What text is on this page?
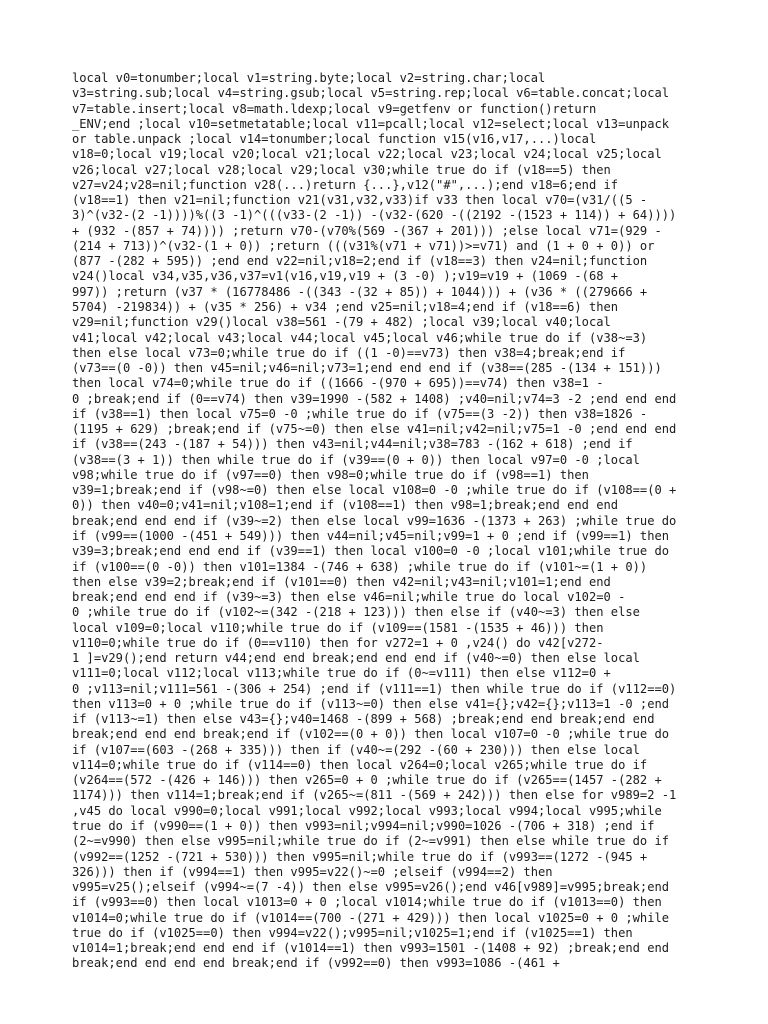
local v0=tonumber;local v1=string.byte;local v2=string.char;local
v3=string.sub;local v4=string.gsub;local v5=string.rep;local v6=table.concat;local
v7=table.insert;local v8=math.ldexp;local v9=getfenv or function()return
_ENV;end ;local v10=setmetatable;local v11=pcall;local v12=select;local v13=unpack
or table.unpack ;local v14=tonumber;local function v15(v16,v17,...)local
v18=0;local v19;local v20;local v21;local v22;local v23;local v24;local v25;local
v26;local v27;local v28;local v29;local v30;while true do if (v18==5) then
v27=v24;v28=nil;function v28(...)return {...},v12("#",...);end v18=6;end if
(v18==1) then v21=nil;function v21(v31,v32,v33)if v33 then local v70=(v31/((5 -
3)^(v32-(2 -1))))%((3 -1)^(((v33-(2 -1)) -(v32-(620 -((2192 -(1523 + 114)) + 64))))
+ (932 -(857 + 74)))) ;return v70-(v70%(569 -(367 + 201))) ;else local v71=(929 -
(214 + 713))^(v32-(1 + 0)) ;return (((v31%(v71 + v71))>=v71) and (1 + 0 + 0)) or
(877 -(282 + 595)) ;end end v22=nil;v18=2;end if (v18==3) then v24=nil;function
v24()local v34,v35,v36,v37=v1(v16,v19,v19 + (3 -0) );v19=v19 + (1069 -(68 +
997)) ;return (v37 * (16778486 -((343 -(32 + 85)) + 1044))) + (v36 * ((279666 +
5704) -219834)) + (v35 * 256) + v34 ;end v25=nil;v18=4;end if (v18==6) then
v29=nil;function v29()local v38=561 -(79 + 482) ;local v39;local v40;local
v41;local v42;local v43;local v44;local v45;local v46;while true do if (v38~=3)
then else local v73=0;while true do if ((1 -0)==v73) then v38=4;break;end if
(v73==(0 -0)) then v45=nil;v46=nil;v73=1;end end end if (v38==(285 -(134 + 151)))
then local v74=0;while true do if ((1666 -(970 + 695))==v74) then v38=1 -
0 ;break;end if (0==v74) then v39=1990 -(582 + 1408) ;v40=nil;v74=3 -2 ;end end end
if (v38==1) then local v75=0 -0 ;while true do if (v75==(3 -2)) then v38=1826 -
(1195 + 629) ;break;end if (v75~=0) then else v41=nil;v42=nil;v75=1 -0 ;end end end
if (v38==(243 -(187 + 54))) then v43=nil;v44=nil;v38=783 -(162 + 618) ;end if
(v38==(3 + 1)) then while true do if (v39==(0 + 0)) then local v97=0 -0 ;local
v98;while true do if (v97==0) then v98=0;while true do if (v98==1) then
v39=1;break;end if (v98~=0) then else local v108=0 -0 ;while true do if (v108==(0 +
0)) then v40=0;v41=nil;v108=1;end if (v108==1) then v98=1;break;end end end
break;end end end if (v39~=2) then else local v99=1636 -(1373 + 263) ;while true do
if (v99==(1000 -(451 + 549))) then v44=nil;v45=nil;v99=1 + 0 ;end if (v99==1) then
v39=3;break;end end end if (v39==1) then local v100=0 -0 ;local v101;while true do
if (v100==(0 -0)) then v101=1384 -(746 + 638) ;while true do if (v101~=(1 + 0))
then else v39=2;break;end if (v101==0) then v42=nil;v43=nil;v101=1;end end
break;end end end if (v39~=3) then else v46=nil;while true do local v102=0 -
0 ;while true do if (v102~=(342 -(218 + 123))) then else if (v40~=3) then else
local v109=0;local v110;while true do if (v109==(1581 -(1535 + 46))) then
v110=0;while true do if (0==v110) then for v272=1 + 0 ,v24() do v42[v272-
1 ]=v29();end return v44;end end break;end end end if (v40~=0) then else local
v111=0;local v112;local v113;while true do if (0~=v111) then else v112=0 +
0 ;v113=nil;v111=561 -(306 + 254) ;end if (v111==1) then while true do if (v112==0)
then v113=0 + 0 ;while true do if (v113~=0) then else v41={};v42={};v113=1 -0 ;end
if (v113~=1) then else v43={};v40=1468 -(899 + 568) ;break;end end break;end end
break;end end end break;end if (v102==(0 + 0)) then local v107=0 -0 ;while true do
if (v107==(603 -(268 + 335))) then if (v40~=(292 -(60 + 230))) then else local
v114=0;while true do if (v114==0) then local v264=0;local v265;while true do if
(v264==(572 -(426 + 146))) then v265=0 + 0 ;while true do if (v265==(1457 -(282 +
1174))) then v114=1;break;end if (v265~=(811 -(569 + 242))) then else for v989=2 -1
,v45 do local v990=0;local v991;local v992;local v993;local v994;local v995;while
true do if (v990==(1 + 0)) then v993=nil;v994=nil;v990=1026 -(706 + 318) ;end if
(2~=v990) then else v995=nil;while true do if (2~=v991) then else while true do if
(v992==(1252 -(721 + 530))) then v995=nil;while true do if (v993==(1272 -(945 +
326))) then if (v994==1) then v995=v22()~=0 ;elseif (v994==2) then
v995=v25();elseif (v994~=(7 -4)) then else v995=v26();end v46[v989]=v995;break;end
if (v993==0) then local v1013=0 + 0 ;local v1014;while true do if (v1013==0) then
v1014=0;while true do if (v1014==(700 -(271 + 429))) then local v1025=0 + 0 ;while
true do if (v1025==0) then v994=v22();v995=nil;v1025=1;end if (v1025==1) then
v1014=1;break;end end end if (v1014==1) then v993=1501 -(1408 + 92) ;break;end end
break;end end end end break;end if (v992==0) then v993=1086 -(461 +
